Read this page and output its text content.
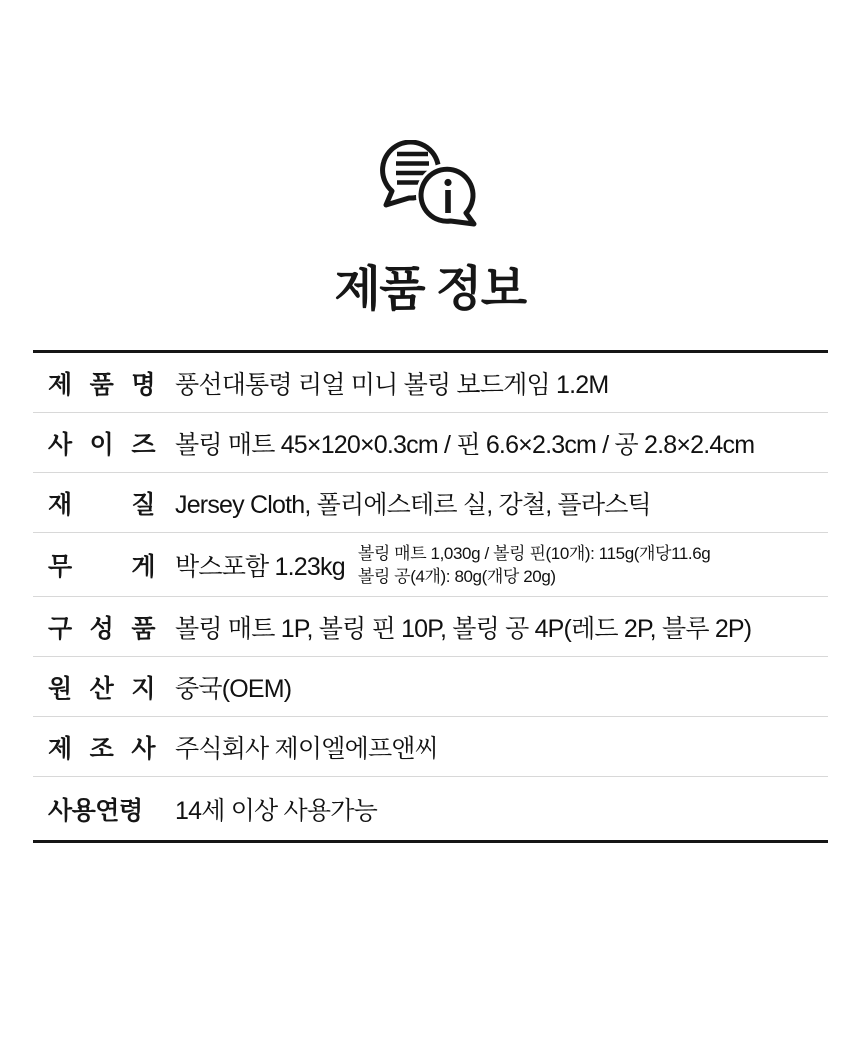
제품 정보
제 품 명 풍선대통령 리얼 미니 볼링 보드게임 1.2M
사 이 즈 볼링 매트 45×120×0.3cm / 핀 6.6×2.3cm / 공 2.8×2.4cm
재 질 Jersey Cloth, 폴리에스테르 실, 강철, 플라스틱
무 게 박스포함 1.23kg 볼링 매트 1,030g / 볼링 핀(10개): 115g(개당11.6g
볼링 공(4개): 80g(개당 20g)
구 성 품 볼링 매트 1P, 볼링 핀 10P, 볼링 공 4P(레드 2P, 블루 2P)
원 산 지 중국(OEM)
제 조 사 주식회사 제이엘에프앤씨
사용연령	14세 이상 사용가능
